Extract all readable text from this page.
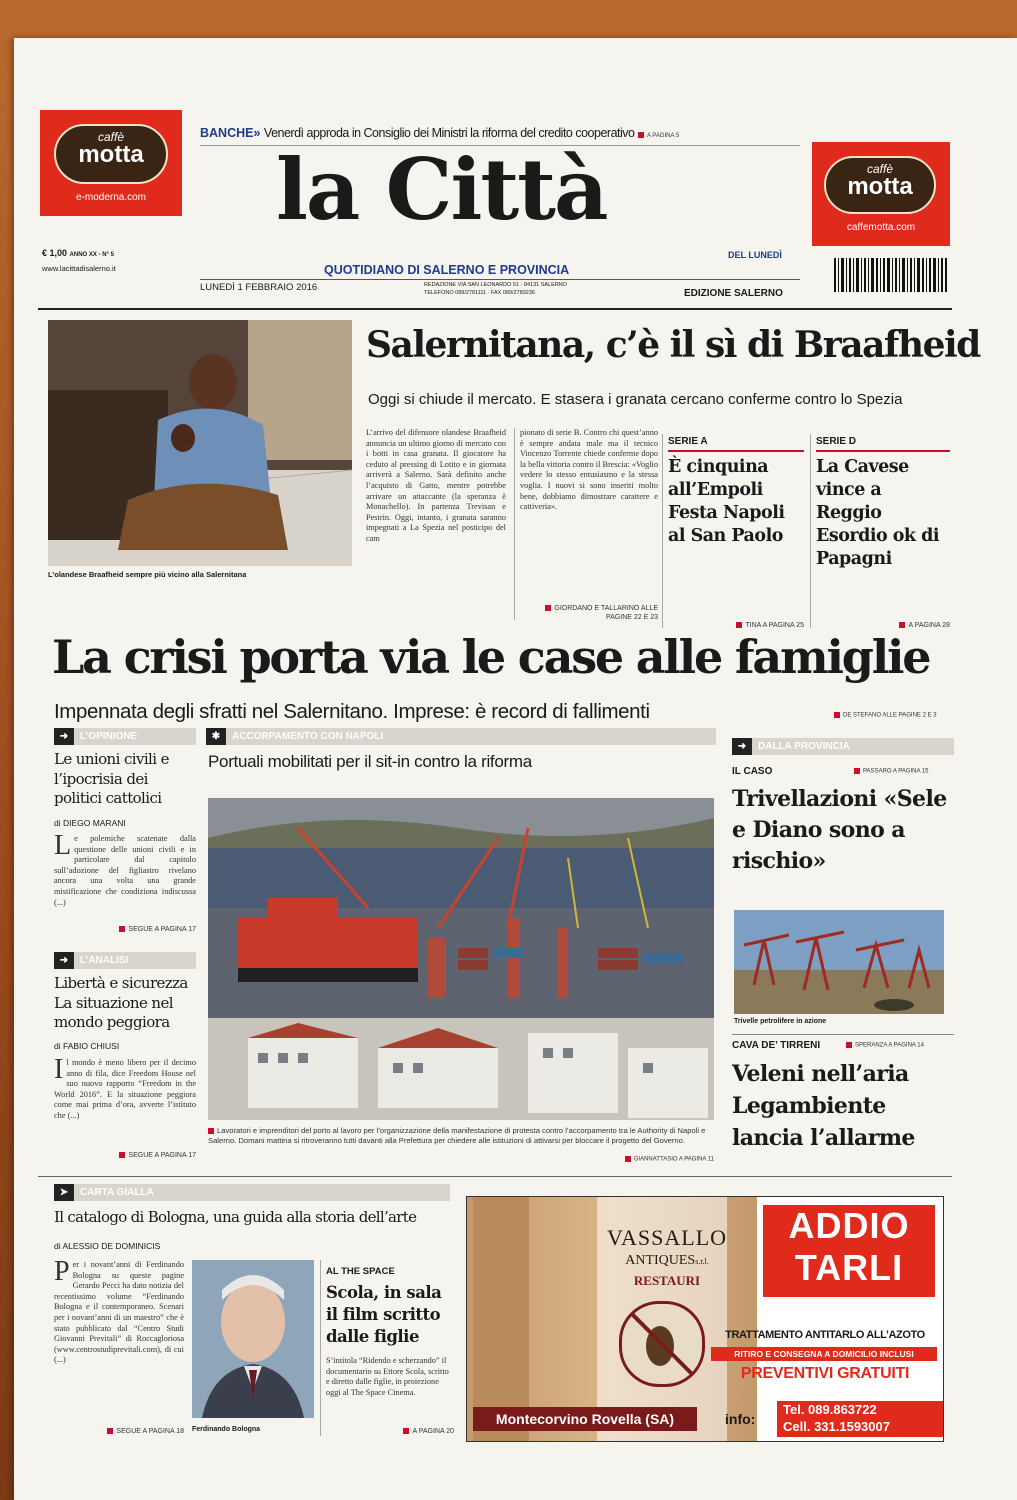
caffè
motta
e-moderna.com
caffè
motta
caffemotta.com
€ 1,00 ANNO XX - N° 5
www.lacittadisalerno.it
BANCHE» Venerdì approda in Consiglio dei Ministri la riforma del credito cooperativo A PAGINA 5
la Città
DEL LUNEDÌ
QUOTIDIANO DI SALERNO E PROVINCIA
LUNEDÌ 1 FEBBRAIO 2016	REDAZIONE VIA SAN LEONARDO 51 · 84131 SALERNO
TELEFONO 089/2781111 · FAX 089/2783236	EDIZIONE SALERNO
L’olandese Braafheid sempre più vicino alla Salernitana
Salernitana, c’è il sì di Braafheid
Oggi si chiude il mercato. E stasera i granata cercano conferme contro lo Spezia
L’arrivo del difensore olandese Braafheid annuncia un ultimo giorno di mercato con i botti in casa granata. Il giocatore ha ceduto al pressing di Lotito e in giornata arriverà a Salerno. Sarà definito anche l’acquisto di Gatto, mentre potrebbe arrivare un attaccante (la speranza è Monachello). In partenza Trevisan e Pestrin. Oggi, intanto, i granata saranno impegnati a La Spezia nel posticipo del cam
pionato di serie B. Contro chi quest’anno è sempre andata male ma il tecnico Vincenzo Torrente chiede conferme dopo la bella vittoria contro il Brescia: «Voglio vedere lo stesso entusiasmo e la stessa voglia. I nuovi si sono inseriti molto bene, dobbiamo dimostrare carattere e cattiveria».
GIORDANO E TALLARINO ALLE PAGINE 22 E 23
SERIE A
È cinquina all’Empoli Festa Napoli al San Paolo
TINA A PAGINA 25
SERIE D
La Cavese vince a Reggio Esordio ok di Papagni
A PAGINA 28
La crisi porta via le case alle famiglie
Impennata degli sfratti nel Salernitano. Imprese: è record di fallimenti	DE STEFANO ALLE PAGINE 2 E 3
➜ L’OPINIONE
Le unioni civili e l’ipocrisia dei politici cattolici
di DIEGO MARANI
Le polemiche scatenate dalla questione delle unioni civili e in particolare dal capitolo sull’adozione del figliastro rivelano ancora una volta una grande mistificazione che condiziona indiscussa (...)
SEGUE A PAGINA 17
➜ L’ANALISI
Libertà e sicurezza La situazione nel mondo peggiora
di FABIO CHIUSI
Il mondo è meno libero per il decimo anno di fila, dice Freedom House nel suo nuovo rapporto “Freedom in the World 2016”. E la situazione peggiora come mai prima d’ora, avverte l’istituto che (...)
SEGUE A PAGINA 17
✱ ACCORPAMENTO CON NAPOLI
Portuali mobilitati per il sit-in contro la riforma
Lavoratori e imprenditori del porto al lavoro per l’organizzazione della manifestazione di protesta contro l’accorpamento tra le Authority di Napoli e Salerno. Domani mattina si ritroveranno tutti davanti alla Prefettura per chiedere alle istituzioni di attivarsi per bloccare il progetto del Governo.
GIANNATTASIO A PAGINA 11
➜ DALLA PROVINCIA
IL CASO	PASSARO A PAGINA 15
Trivellazioni «Sele e Diano sono a rischio»
Trivelle petrolifere in azione
CAVA DE’ TIRRENI	SPERANZA A PAGINA 14
Veleni nell’aria Legambiente lancia l’allarme
➤ CARTA GIALLA
Il catalogo di Bologna, una guida alla storia dell’arte
di ALESSIO DE DOMINICIS
Per i novant’anni di Ferdinando Bologna su queste pagine Gerardo Pecci ha dato notizia del recentissimo volume “Ferdinando Bologna e il contemporaneo. Scenari per i novant’anni di un maestro” che è stato pubblicato dal “Centro Studi Giovanni Previtali” di Roccagloriosa (www.centrostudiprevitali.com), di cui (...)
SEGUE A PAGINA 18 Ferdinando Bologna
AL THE SPACE
Scola, in sala il film scritto dalle figlie
S’intitola “Ridendo e scherzando” il documentario su Ettore Scola, scritto e diretto dalle figlie, in proiezione oggi al The Space Cinema.
A PAGINA 20
VASSALLO
ANTIQUESs.r.l.
RESTAURI
Montecorvino Rovella (SA)
ADDIO
TARLI
TRATTAMENTO ANTITARLO ALL’AZOTO
RITIRO E CONSEGNA A DOMICILIO INCLUSI
PREVENTIVI GRATUITI
info:
Tel. 089.863722
Cell. 331.1593007
